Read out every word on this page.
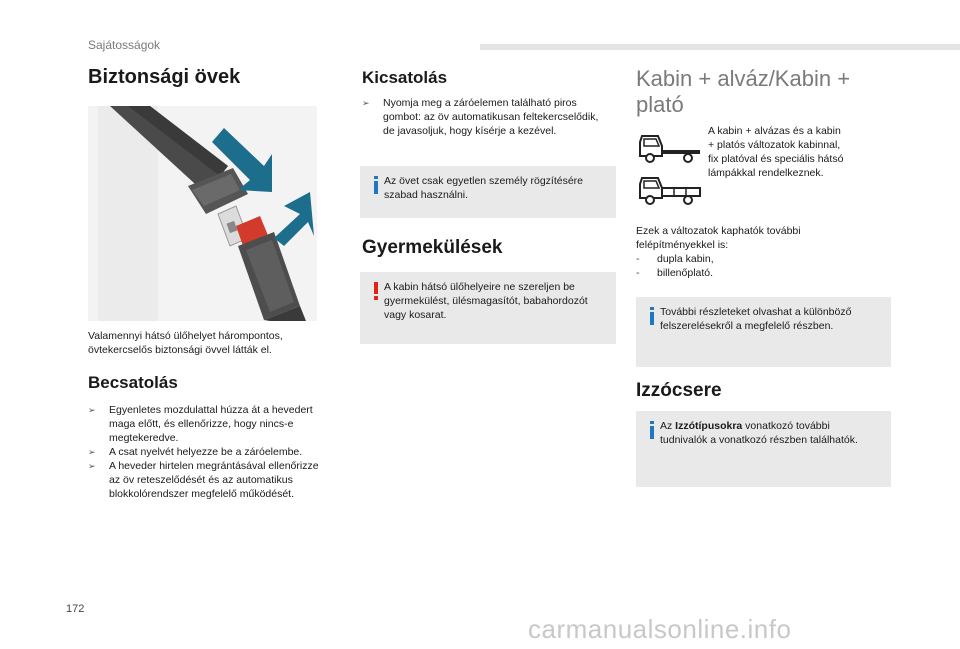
Sajátosságok
Biztonsági övek
Valamennyi hátsó ülőhelyet hárompontos,
övtekercselős biztonsági övvel látták el.
Becsatolás
➢ Egyenletes mozdulattal húzza át a hevedert
maga előtt, és ellenőrizze, hogy nincs-e
megtekeredve.
➢ A csat nyelvét helyezze be a záróelembe.
➢ A heveder hirtelen megrántásával ellenőrizze
az öv reteszelődését és az automatikus
blokkolórendszer megfelelő működését.
Kicsatolás
➢ Nyomja meg a záróelemen található piros
gombot: az öv automatikusan feltekercselődik,
de javasoljuk, hogy kísérje a kezével.
Az övet csak egyetlen személy rögzítésére
szabad használni.
Gyermekülések
A kabin hátsó ülőhelyeire ne szereljen be
gyermekülést, ülésmagasítót, babahordozót
vagy kosarat.
Kabin + alváz/Kabin +
plató
A kabin + alvázas és a kabin
+ platós változatok kabinnal,
fix platóval és speciális hátsó
lámpákkal rendelkeznek.
Ezek a változatok kaphatók további
felépítményekkel is:
- dupla kabin,
- billenőplató.
További részleteket olvashat a különböző
felszerelésekről a megfelelő részben.
Izzócsere
Az Izzótípusokra vonatkozó további
tudnivalók a vonatkozó részben találhatók.
172
carmanualsonline.info
